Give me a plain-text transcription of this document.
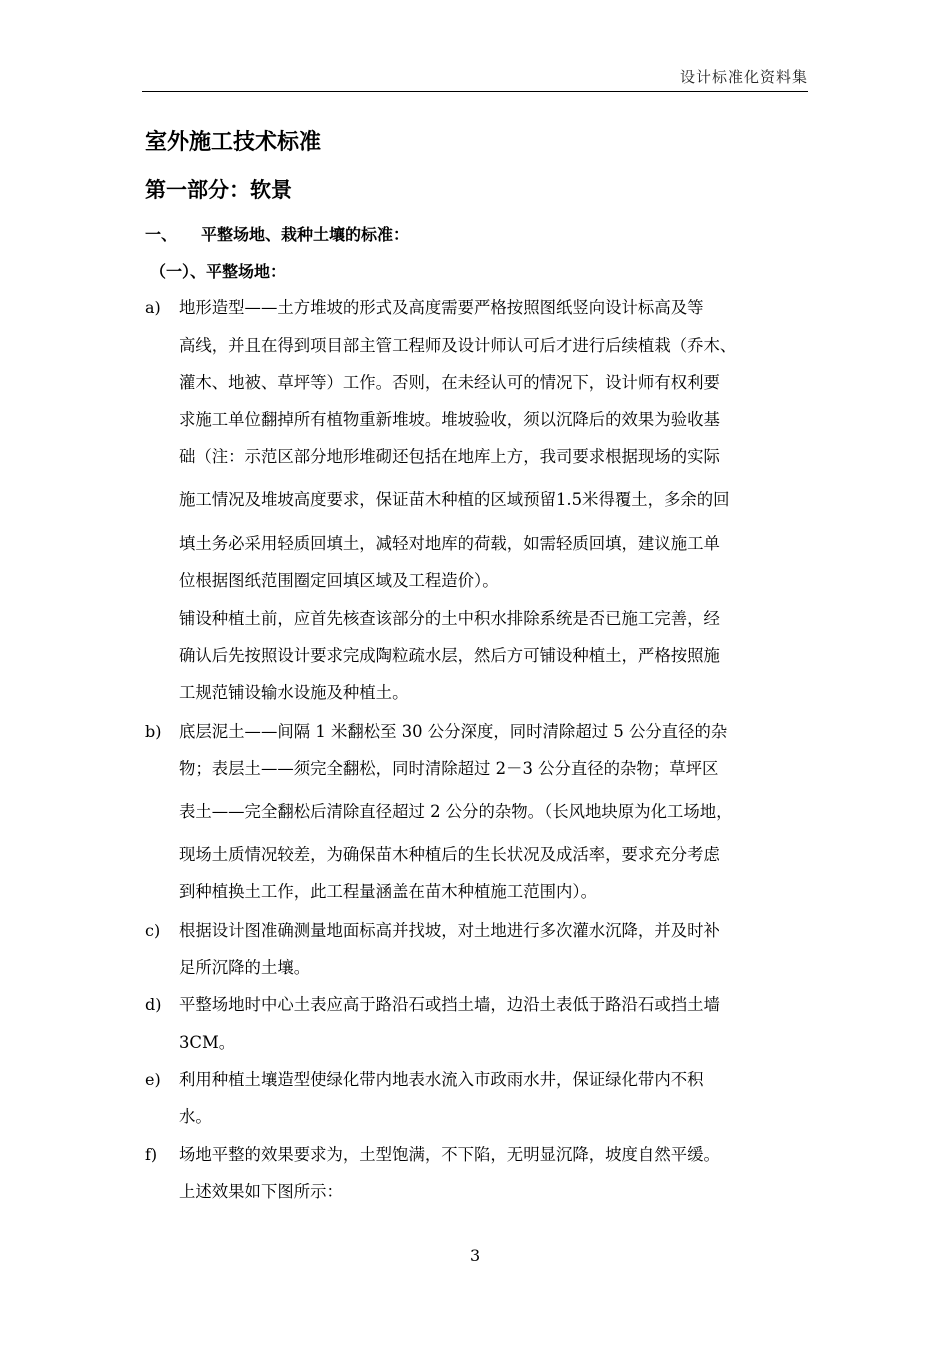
设计标准化资料集
室外施工技术标准
第一部分：软景
一、 平整场地、栽种土壤的标准：
（一）、平整场地：
a) 地形造型——土方堆坡的形式及高度需要严格按照图纸竖向设计标高及等
高线，并且在得到项目部主管工程师及设计师认可后才进行后续植栽（乔木、
灌木、地被、草坪等）工作。否则，在未经认可的情况下，设计师有权利要
求施工单位翻掉所有植物重新堆坡。堆坡验收，须以沉降后的效果为验收基
础（注：示范区部分地形堆砌还包括在地库上方，我司要求根据现场的实际
施工情况及堆坡高度要求，保证苗木种植的区域预留1.5米得覆土，多余的回
填土务必采用轻质回填土，减轻对地库的荷载，如需轻质回填，建议施工单
位根据图纸范围圈定回填区域及工程造价）。
铺设种植土前，应首先核查该部分的土中积水排除系统是否已施工完善，经
确认后先按照设计要求完成陶粒疏水层，然后方可铺设种植土，严格按照施
工规范铺设输水设施及种植土。
b) 底层泥土——间隔 1 米翻松至 30 公分深度，同时清除超过 5 公分直径的杂
物；表层土——须完全翻松，同时清除超过 2－3 公分直径的杂物；草坪区
表土——完全翻松后清除直径超过 2 公分的杂物。（长风地块原为化工场地，
现场土质情况较差，为确保苗木种植后的生长状况及成活率，要求充分考虑
到种植换土工作，此工程量涵盖在苗木种植施工范围内）。
c) 根据设计图准确测量地面标高并找坡，对土地进行多次灌水沉降，并及时补
足所沉降的土壤。
d) 平整场地时中心土表应高于路沿石或挡土墙，边沿土表低于路沿石或挡土墙
3CM。
e) 利用种植土壤造型使绿化带内地表水流入市政雨水井，保证绿化带内不积
水。
f) 场地平整的效果要求为，土型饱满，不下陷，无明显沉降，坡度自然平缓。
上述效果如下图所示：
3
